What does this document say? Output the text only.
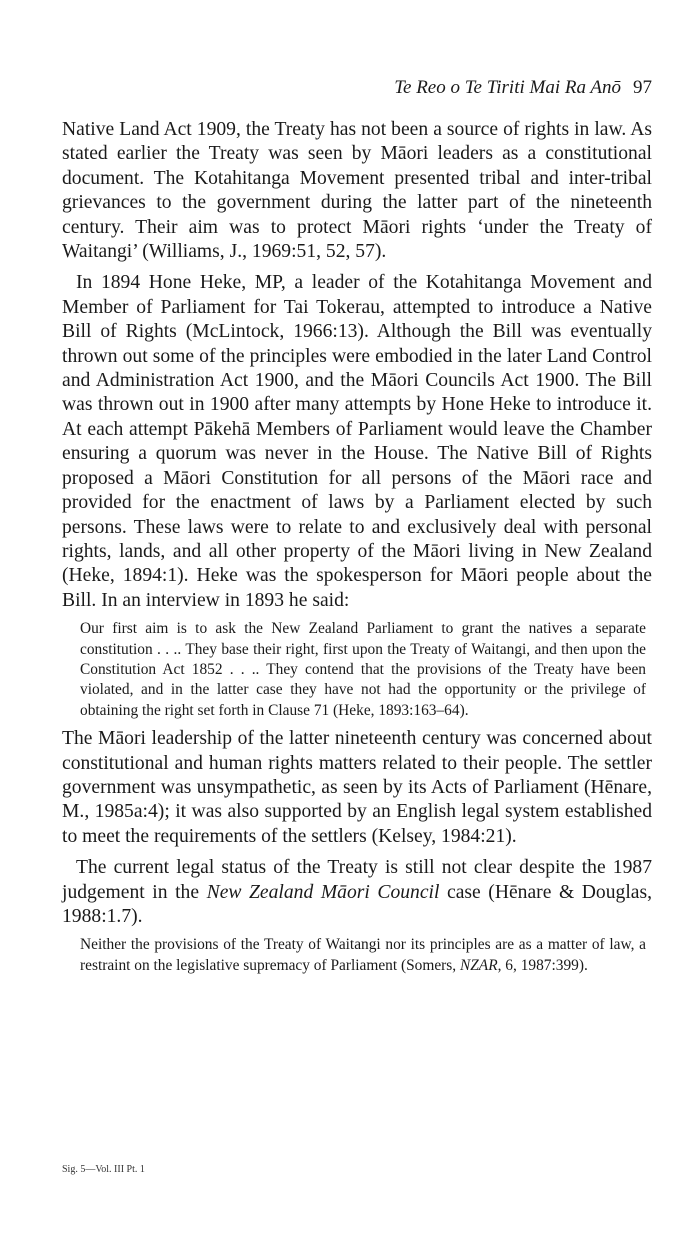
Te Reo o Te Tiriti Mai Ra Anō 97

Native Land Act 1909, the Treaty has not been a source of rights in law. As stated earlier the Treaty was seen by Māori leaders as a constitutional document. The Kotahitanga Movement presented tribal and inter-tribal grievances to the government during the latter part of the nineteenth century. Their aim was to protect Māori rights ‘under the Treaty of Waitangi’ (Williams, J., 1969:51, 52, 57).

In 1894 Hone Heke, MP, a leader of the Kotahitanga Movement and Member of Parliament for Tai Tokerau, attempted to introduce a Native Bill of Rights (McLintock, 1966:13). Although the Bill was eventually thrown out some of the principles were embodied in the later Land Control and Administration Act 1900, and the Māori Councils Act 1900. The Bill was thrown out in 1900 after many attempts by Hone Heke to introduce it. At each attempt Pākehā Members of Parliament would leave the Chamber ensuring a quorum was never in the House. The Native Bill of Rights proposed a Māori Constitution for all persons of the Māori race and provided for the enactment of laws by a Parliament elected by such persons. These laws were to relate to and exclusively deal with personal rights, lands, and all other property of the Māori living in New Zealand (Heke, 1894:1). Heke was the spokesperson for Māori people about the Bill. In an interview in 1893 he said:

Our first aim is to ask the New Zealand Parliament to grant the natives a separate constitution . . .. They base their right, first upon the Treaty of Waitangi, and then upon the Constitution Act 1852 . . .. They contend that the provisions of the Treaty have been violated, and in the latter case they have not had the opportunity or the privilege of obtaining the right set forth in Clause 71 (Heke, 1893:163–64).

The Māori leadership of the latter nineteenth century was concerned about constitutional and human rights matters related to their people. The settler government was unsympathetic, as seen by its Acts of Parliament (Hēnare, M., 1985a:4); it was also supported by an English legal system established to meet the requirements of the settlers (Kelsey, 1984:21).

The current legal status of the Treaty is still not clear despite the 1987 judgement in the New Zealand Māori Council case (Hēnare & Douglas, 1988:1.7).

Neither the provisions of the Treaty of Waitangi nor its principles are as a matter of law, a restraint on the legislative supremacy of Parliament (Somers, NZAR, 6, 1987:399).

Sig. 5—Vol. III Pt. 1
